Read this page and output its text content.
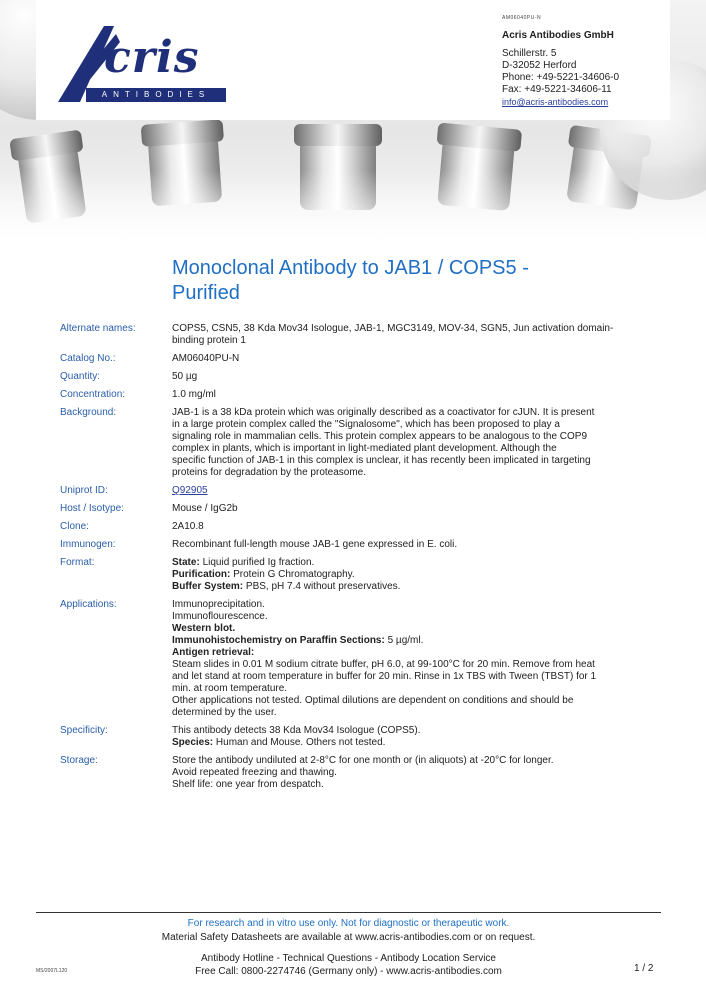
cris
ANTIBODIES
AM06040PU-N
Acris Antibodies GmbH
Schillerstr. 5
D-32052 Herford
Phone: +49-5221-34606-0
Fax: +49-5221-34606-11
info@acris-antibodies.com
Monoclonal Antibody to JAB1 / COPS5 -
Purified
Alternate names:	COPS5, CSN5, 38 Kda Mov34 Isologue, JAB-1, MGC3149, MOV-34, SGN5, Jun activation domain-
binding protein 1
Catalog No.:	AM06040PU-N
Quantity:	50 µg
Concentration:	1.0 mg/ml
Background:	JAB-1 is a 38 kDa protein which was originally described as a coactivator for cJUN. It is present
in a large protein complex called the "Signalosome", which has been proposed to play a
signaling role in mammalian cells. This protein complex appears to be analogous to the COP9
complex in plants, which is important in light-mediated plant development. Although the
specific function of JAB-1 in this complex is unclear, it has recently been implicated in targeting
proteins for degradation by the proteasome.
Uniprot ID:	Q92905
Host / Isotype:	Mouse / IgG2b
Clone:	2A10.8
Immunogen:	Recombinant full-length mouse JAB-1 gene expressed in E. coli.
Format:	State: Liquid purified Ig fraction.
Purification: Protein G Chromatography.
Buffer System: PBS, pH 7.4 without preservatives.
Applications:	Immunoprecipitation.
Immunoflourescence.
Western blot.
Immunohistochemistry on Paraffin Sections: 5 µg/ml.
Antigen retrieval:
Steam slides in 0.01 M sodium citrate buffer, pH 6.0, at 99-100°C for 20 min. Remove from heat
and let stand at room temperature in buffer for 20 min. Rinse in 1x TBS with Tween (TBST) for 1
min. at room temperature.
Other applications not tested. Optimal dilutions are dependent on conditions and should be
determined by the user.
Specificity:	This antibody detects 38 Kda Mov34 Isologue (COPS5).
Species: Human and Mouse. Others not tested.
Storage:	Store the antibody undiluted at 2-8°C for one month or (in aliquots) at -20°C for longer.
Avoid repeated freezing and thawing.
Shelf life: one year from despatch.
For research and in vitro use only. Not for diagnostic or therapeutic work.
Material Safety Datasheets are available at www.acris-antibodies.com or on request.
Antibody Hotline - Technical Questions - Antibody Location Service
Free Call: 0800-2274746 (Germany only) - www.acris-antibodies.com
MS/2007L120	1 / 2
